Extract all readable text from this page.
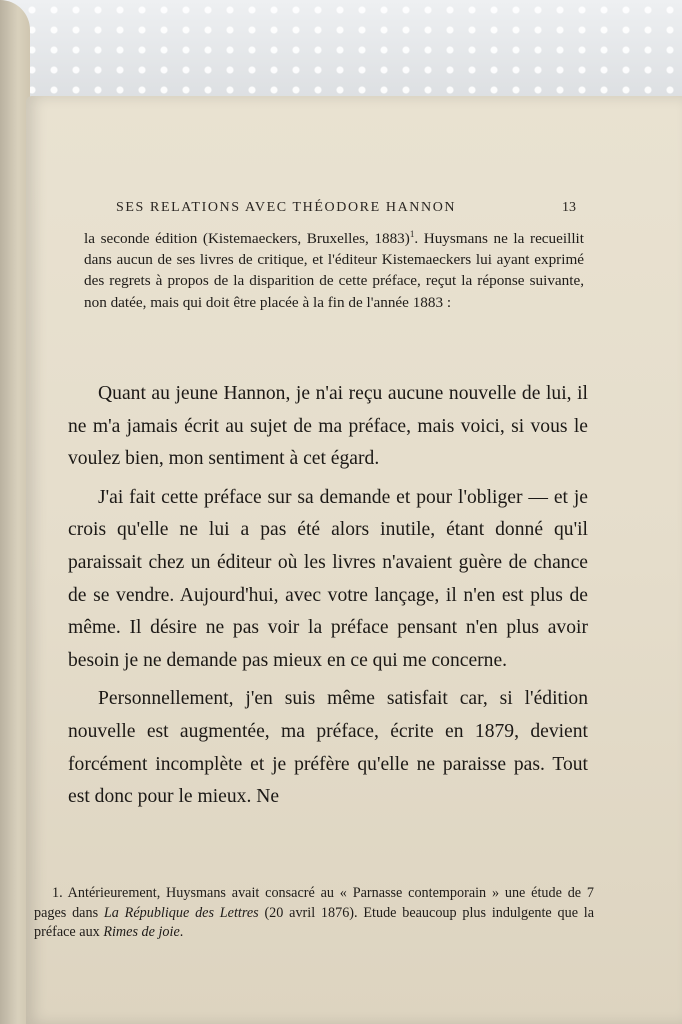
SES RELATIONS AVEC THÉODORE HANNON	13

la seconde édition (Kistemaeckers, Bruxelles, 1883)$^1$. Huysmans ne la recueillit dans aucun de ses livres de critique, et l'éditeur Kistemaeckers lui ayant exprimé des regrets à propos de la disparition de cette préface, reçut la réponse suivante, non datée, mais qui doit être placée à la fin de l'année 1883 :

Quant au jeune Hannon, je n'ai reçu aucune nouvelle de lui, il ne m'a jamais écrit au sujet de ma préface, mais voici, si vous le voulez bien, mon sentiment à cet égard.

J'ai fait cette préface sur sa demande et pour l'obliger — et je crois qu'elle ne lui a pas été alors inutile, étant donné qu'il paraissait chez un éditeur où les livres n'avaient guère de chance de se vendre. Aujourd'hui, avec votre lançage, il n'en est plus de même. Il désire ne pas voir la préface pensant n'en plus avoir besoin je ne demande pas mieux en ce qui me concerne.

Personnellement, j'en suis même satisfait car, si l'édition nouvelle est augmentée, ma préface, écrite en 1879, devient forcément incomplète et je préfère qu'elle ne paraisse pas. Tout est donc pour le mieux. Ne

1. Antérieurement, Huysmans avait consacré au « Parnasse contemporain » une étude de 7 pages dans La République des Lettres (20 avril 1876). Etude beaucoup plus indulgente que la préface aux Rimes de joie.
